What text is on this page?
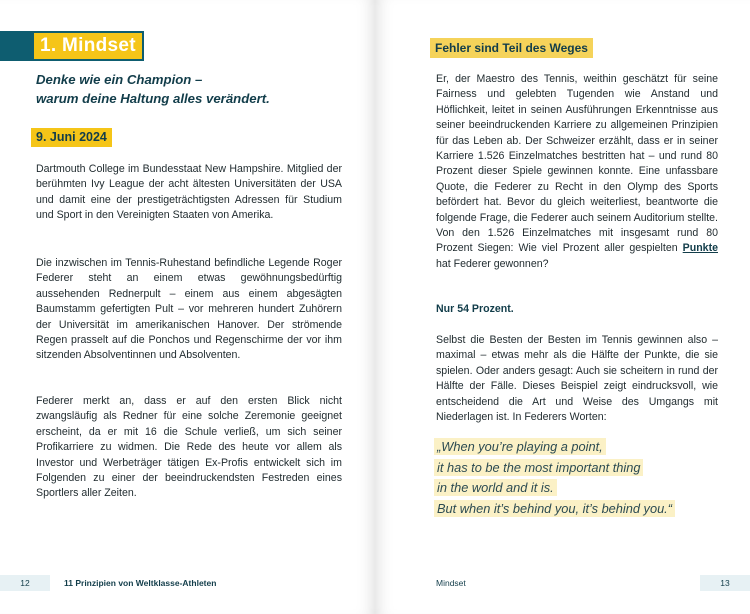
1. Mindset
Denke wie ein Champion –
warum deine Haltung alles verändert.
9. Juni 2024

Dartmouth College im Bundesstaat New Hampshire. Mitglied der berühmten Ivy League der acht ältesten Universitäten der USA und damit eine der prestigeträchtigsten Adressen für Studium und Sport in den Vereinigten Staaten von Amerika.

Die inzwischen im Tennis-Ruhestand befindliche Legende Roger Federer steht an einem etwas gewöhnungsbedürftig aussehenden Rednerpult – einem aus einem abgesägten Baumstamm gefertigten Pult – vor mehreren hundert Zuhörern der Universität im amerikanischen Hanover. Der strömende Regen prasselt auf die Ponchos und Regenschirme der vor ihm sitzenden Absolventinnen und Absolventen.

Federer merkt an, dass er auf den ersten Blick nicht zwangsläufig als Redner für eine solche Zeremonie geeignet erscheint, da er mit 16 die Schule verließ, um sich seiner Profikarriere zu widmen. Die Rede des heute vor allem als Investor und Werbeträger tätigen Ex-Profis entwickelt sich im Folgenden zu einer der beeindruckendsten Festreden eines Sportlers aller Zeiten.

12	11 Prinzipien von Weltklasse-Athleten
Fehler sind Teil des Weges

Er, der Maestro des Tennis, weithin geschätzt für seine Fairness und gelebten Tugenden wie Anstand und Höflichkeit, leitet in seinen Ausführungen Erkenntnisse aus seiner beeindruckenden Karriere zu allgemeinen Prinzipien für das Leben ab. Der Schweizer erzählt, dass er in seiner Karriere 1.526 Einzelmatches bestritten hat – und rund 80 Prozent dieser Spiele gewinnen konnte. Eine unfassbare Quote, die Federer zu Recht in den Olymp des Sports befördert hat. Bevor du gleich weiterliest, beantworte die folgende Frage, die Federer auch seinem Auditorium stellte. Von den 1.526 Einzelmatches mit insgesamt rund 80 Prozent Siegen: Wie viel Prozent aller gespielten Punkte hat Federer gewonnen?

Nur 54 Prozent.

Selbst die Besten der Besten im Tennis gewinnen also – maximal – etwas mehr als die Hälfte der Punkte, die sie spielen. Oder anders gesagt: Auch sie scheitern in rund der Hälfte der Fälle. Dieses Beispiel zeigt eindrucksvoll, wie entscheidend die Art und Weise des Umgangs mit Niederlagen ist. In Federers Worten:

„When you’re playing a point,
it has to be the most important thing
in the world and it is.
But when it’s behind you, it’s behind you.“
Mindset	13
